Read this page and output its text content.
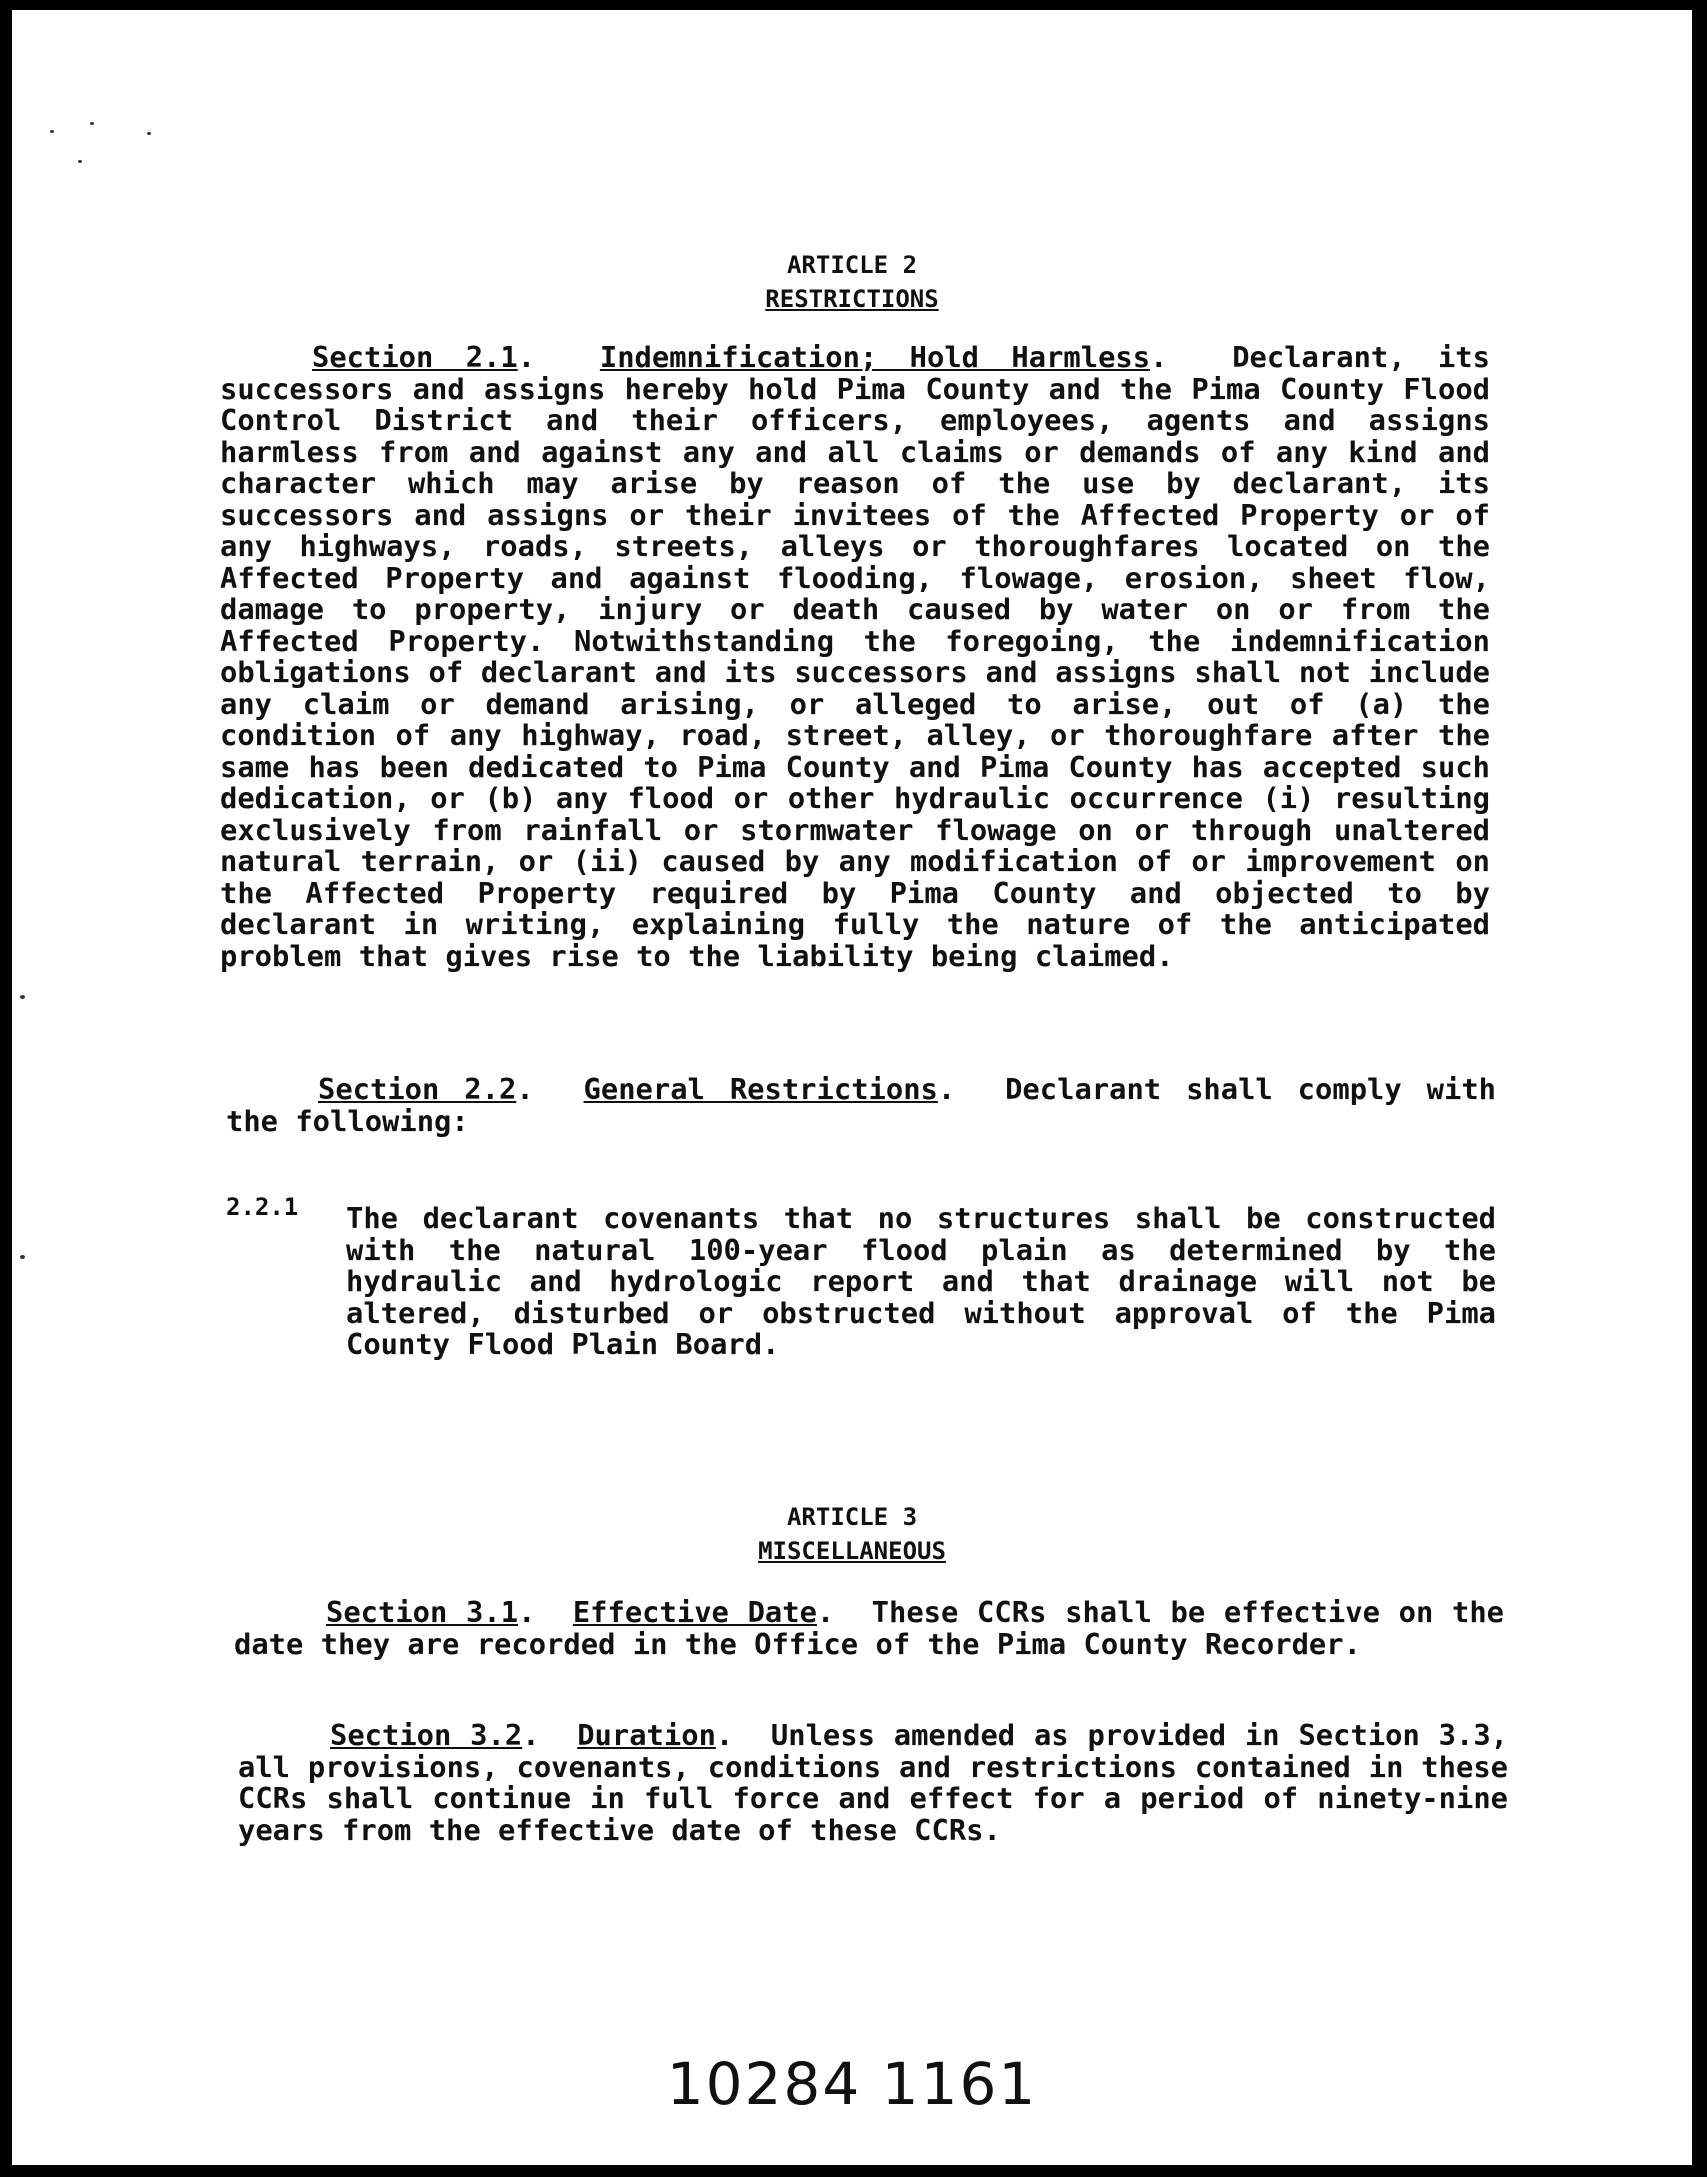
ARTICLE 2
RESTRICTIONS

Section 2.1.  Indemnification; Hold Harmless.  Declarant, its successors and assigns hereby hold Pima County and the Pima County Flood Control District and their officers, employees, agents and assigns harmless from and against any and all claims or demands of any kind and character which may arise by reason of the use by declarant, its successors and assigns or their invitees of the Affected Property or of any highways, roads, streets, alleys or thoroughfares located on the Affected Property and against flooding, flowage, erosion, sheet flow, damage to property, injury or death caused by water on or from the Affected Property. Notwithstanding the foregoing, the indemnification obligations of declarant and its successors and assigns shall not include any claim or demand arising, or alleged to arise, out of (a) the condition of any highway, road, street, alley, or thoroughfare after the same has been dedicated to Pima County and Pima County has accepted such dedication, or (b) any flood or other hydraulic occurrence (i) resulting exclusively from rainfall or stormwater flowage on or through unaltered natural terrain, or (ii) caused by any modification of or improvement on the Affected Property required by Pima County and objected to by declarant in writing, explaining fully the nature of the anticipated problem that gives rise to the liability being claimed.

Section 2.2.  General Restrictions.  Declarant shall comply with the following:

2.2.1 The declarant covenants that no structures shall be constructed with the natural 100-year flood plain as determined by the hydraulic and hydrologic report and that drainage will not be altered, disturbed or obstructed without approval of the Pima County Flood Plain Board.

ARTICLE 3
MISCELLANEOUS

Section 3.1.  Effective Date.  These CCRs shall be effective on the date they are recorded in the Office of the Pima County Recorder.

Section 3.2.  Duration.  Unless amended as provided in Section 3.3, all provisions, covenants, conditions and restrictions contained in these CCRs shall continue in full force and effect for a period of ninety-nine years from the effective date of these CCRs.

10284 1161
